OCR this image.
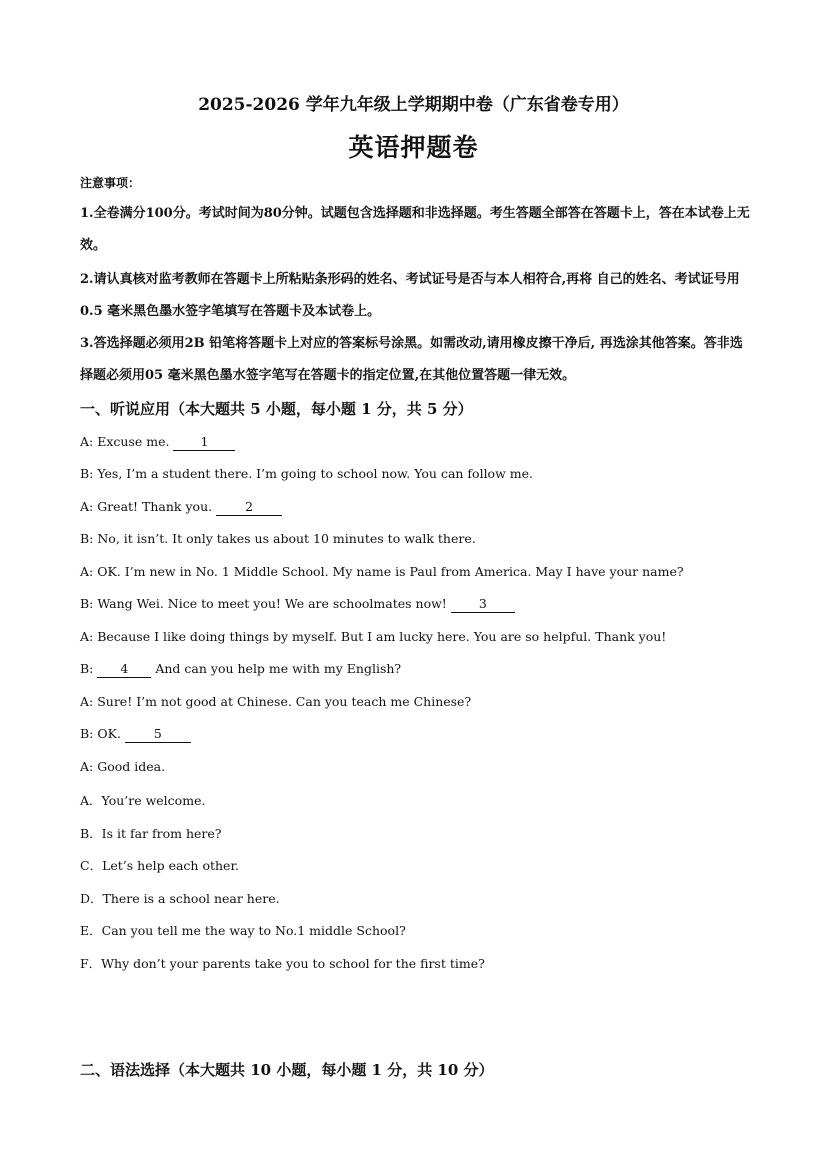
2025-2026 学年九年级上学期期中卷（广东省卷专用）
英语押题卷
注意事项：
1.全卷满分100分。考试时间为80分钟。试题包含选择题和非选择题。考生答题全部答在答题卡上，答在本试卷上无效。
2.请认真核对监考教师在答题卡上所粘贴条形码的姓名、考试证号是否与本人相符合,再将 自己的姓名、考试证号用0.5 毫米黑色墨水签字笔填写在答题卡及本试卷上。
3.答选择题必须用2B 铅笔将答题卡上对应的答案标号涂黑。如需改动,请用橡皮擦干净后, 再选涂其他答案。答非选择题必须用05 毫米黑色墨水签字笔写在答题卡的指定位置,在其他位置答题一律无效。
一、听说应用（本大题共 5 小题，每小题 1 分，共 5 分）
A: Excuse me. 1
B: Yes, I’m a student there. I’m going to school now. You can follow me.
A: Great! Thank you. 2
B: No, it isn’t. It only takes us about 10 minutes to walk there.
A: OK. I’m new in No. 1 Middle School. My name is Paul from America. May I have your name?
B: Wang Wei. Nice to meet you! We are schoolmates now! 3
A: Because I like doing things by myself. But I am lucky here. You are so helpful. Thank you!
B: 4 And can you help me with my English?
A: Sure! I’m not good at Chinese. Can you teach me Chinese?
B: OK. 5
A: Good idea.
A．You’re welcome.
B．Is it far from here?
C．Let’s help each other.
D．There is a school near here.
E．Can you tell me the way to No.1 middle School?
F．Why don’t your parents take you to school for the first time?
二、语法选择（本大题共 10 小题，每小题 1 分，共 10 分）
